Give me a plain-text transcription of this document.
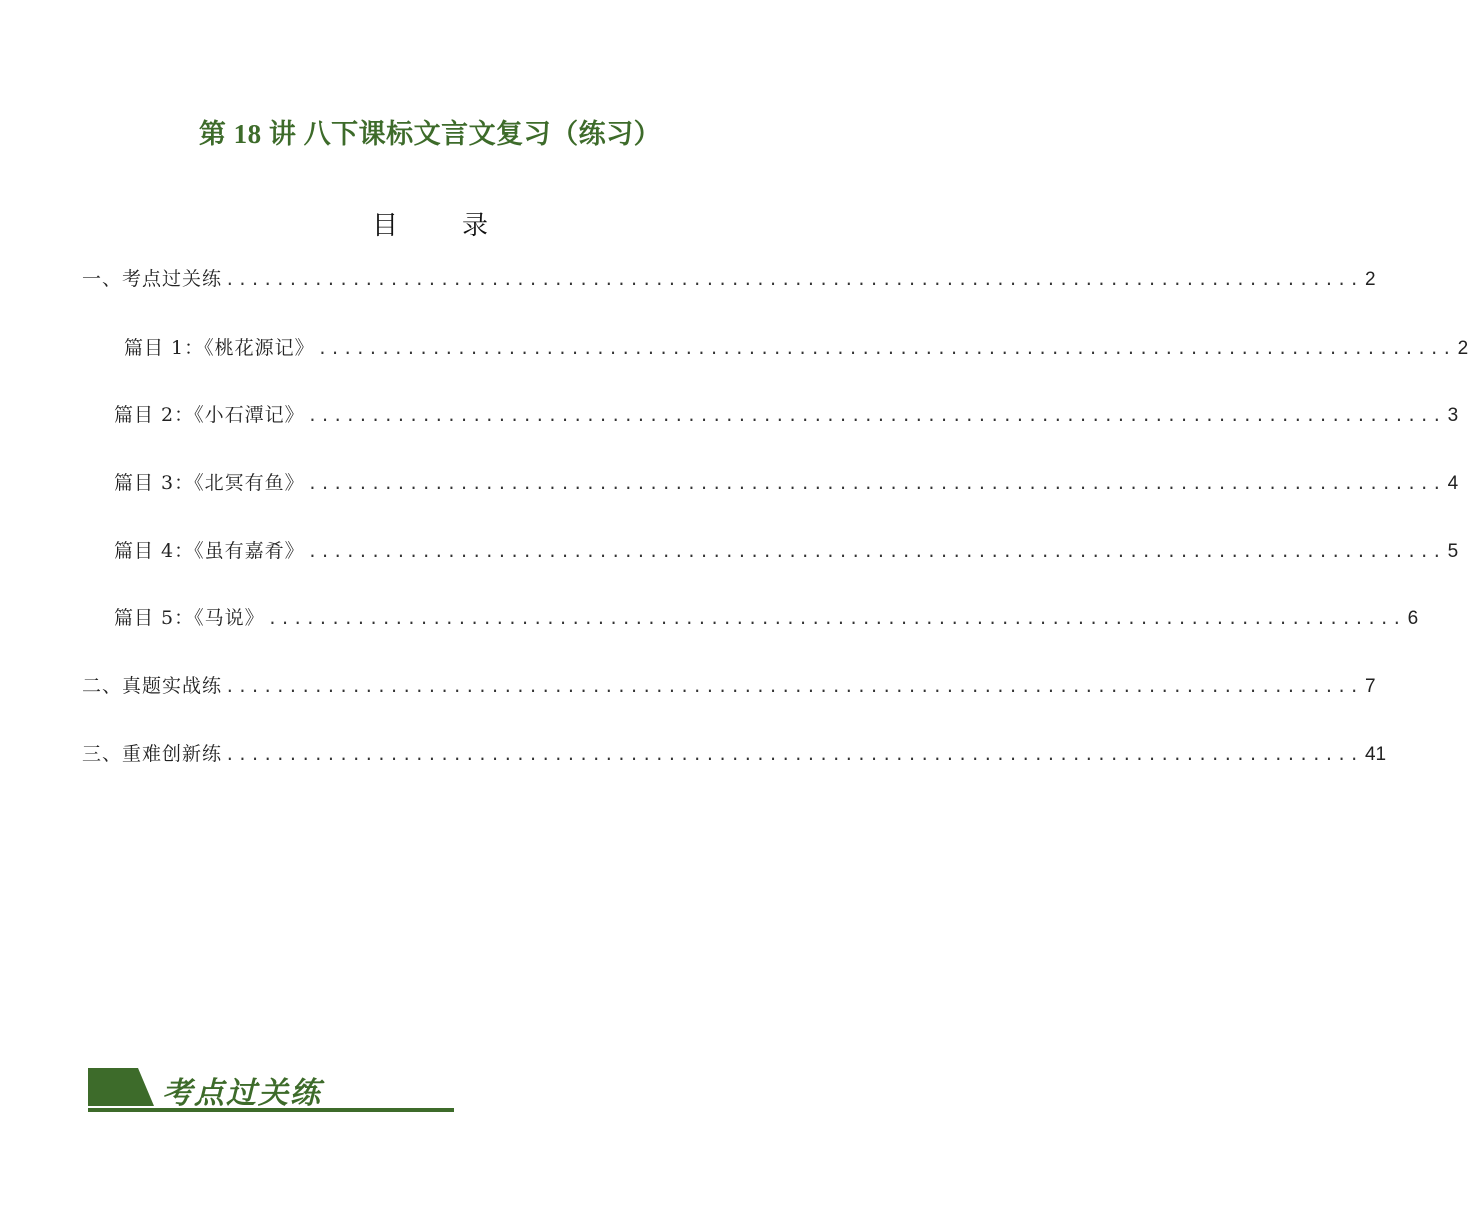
第 18 讲 八下课标文言文复习（练习）
目 录
一、考点过关练 .......................................................................................... 2
篇目 1：《桃花源记》 .......................................................................................... 2
篇目 2：《小石潭记》 .......................................................................................... 3
篇目 3：《北冥有鱼》 .......................................................................................... 4
篇目 4：《虽有嘉肴》 .......................................................................................... 5
篇目 5：《马说》 .......................................................................................... 6
二、真题实战练 .......................................................................................... 7
三、重难创新练 .......................................................................................... 41
考点过关练
